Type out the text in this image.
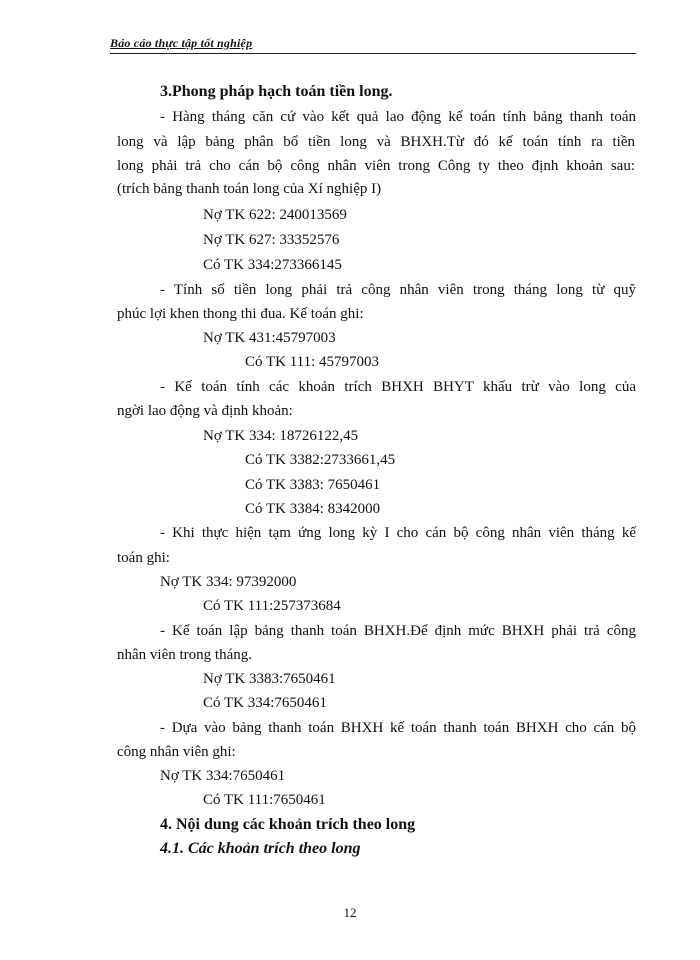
Báo cáo thực tập tốt nghiệp
3.Phong pháp hạch toán tiền long.
- Hàng tháng căn cứ vào kết quả lao động kế toán tính bảng thanh toán
long và lập bảng phân bổ tiền long và BHXH.Từ đó kế toán tính ra tiền
long phải trả cho cán bộ công nhân viên trong Công ty theo định khoản sau:
(trích bảng thanh toán long của Xí nghiệp I)
Nợ TK 622: 240013569
Nợ TK 627: 33352576
Có TK 334:273366145
- Tính số tiền long phải trả công nhân viên trong tháng long từ quỹ
phúc lợi khen thong thi đua. Kế toán ghi:
Nợ TK 431:45797003
Có TK 111: 45797003
- Kế toán tính các khoản trích BHXH BHYT khấu trừ vào long của
ngời lao động và định khoản:
Nợ TK 334: 18726122,45
Có TK 3382:2733661,45
Có TK 3383: 7650461
Có TK 3384: 8342000
- Khi thực hiện tạm ứng long kỳ I cho cán bộ công nhân viên tháng kế
toán ghi:
Nợ TK 334: 97392000
Có TK 111:257373684
- Kế toán lập bảng thanh toán BHXH.Để định mức BHXH phải trả công
nhân viên trong tháng.
Nợ TK 3383:7650461
Có TK 334:7650461
- Dựa vào bảng thanh toán BHXH kế toán thanh toán BHXH cho cán bộ
công nhân viên ghi:
Nợ TK 334:7650461
Có TK 111:7650461
4. Nội dung các khoản trích theo long
4.1. Các khoản trích theo long
12
